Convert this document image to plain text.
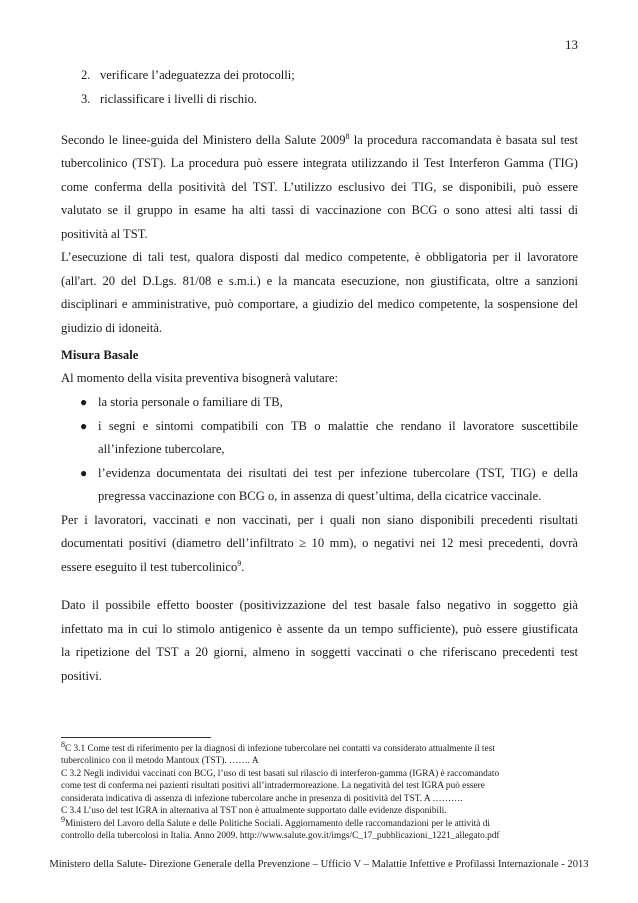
13
2. verificare l’adeguatezza dei protocolli;
3. riclassificare i livelli di rischio.
Secondo le linee-guida del Ministero della Salute 2009$^8$ la procedura raccomandata è basata sul test
tubercolinico (TST). La procedura può essere integrata utilizzando il Test Interferon Gamma (TIG)
come conferma della positività del TST. L’utilizzo esclusivo dei TIG, se disponibili, può essere
valutato se il gruppo in esame ha alti tassi di vaccinazione con BCG o sono attesi alti tassi di
positività al TST.
L’esecuzione di tali test, qualora disposti dal medico competente, è obbligatoria per il lavoratore
(all'art. 20 del D.Lgs. 81/08 e s.m.i.) e la mancata esecuzione, non giustificata, oltre a sanzioni
disciplinari e amministrative, può comportare, a giudizio del medico competente, la sospensione del
giudizio di idoneità.
Misura Basale
Al momento della visita preventiva bisognerà valutare:
● la storia personale o familiare di TB,
● i segni e sintomi compatibili con TB o malattie che rendano il lavoratore suscettibile
all’infezione tubercolare,
● l’evidenza documentata dei risultati dei test per infezione tubercolare (TST, TIG) e della
pregressa vaccinazione con BCG o, in assenza di quest’ultima, della cicatrice vaccinale.
Per i lavoratori, vaccinati e non vaccinati, per i quali non siano disponibili precedenti risultati
documentati positivi (diametro dell’infiltrato ≥ 10 mm), o negativi nei 12 mesi precedenti, dovrà
essere eseguito il test tubercolinico$^9$.
Dato il possibile effetto booster (positivizzazione del test basale falso negativo in soggetto già
infettato ma in cui lo stimolo antigenico è assente da un tempo sufficiente), può essere giustificata
la ripetizione del TST a 20 giorni, almeno in soggetti vaccinati o che riferiscano precedenti test
positivi.
$^8$C 3.1 Come test di riferimento per la diagnosi di infezione tubercolare nei contatti va considerato attualmente il test
tubercolinico con il metodo Mantoux (TST). ……. A
C 3.2 Negli individui vaccinati con BCG, l’uso di test basati sul rilascio di interferon-gamma (IGRA) è raccomandato
come test di conferma nei pazienti risultati positivi all’intradermoreazione. La negatività del test IGRA può essere
considerata indicativa di assenza di infezione tubercolare anche in presenza di positività del TST. A ……….
C 3.4 L’uso del test IGRA in alternativa al TST non è attualmente supportato dalle evidenze disponibili.
$^9$Ministero del Lavoro della Salute e delle Politiche Sociali. Aggiornamento delle raccomandazioni per le attività di
controllo della tubercolosi in Italia. Anno 2009. http://www.salute.gov.it/imgs/C_17_pubblicazioni_1221_allegato.pdf
Ministero della Salute- Direzione Generale della Prevenzione – Ufficio V – Malattie Infettive e Profilassi Internazionale - 2013
